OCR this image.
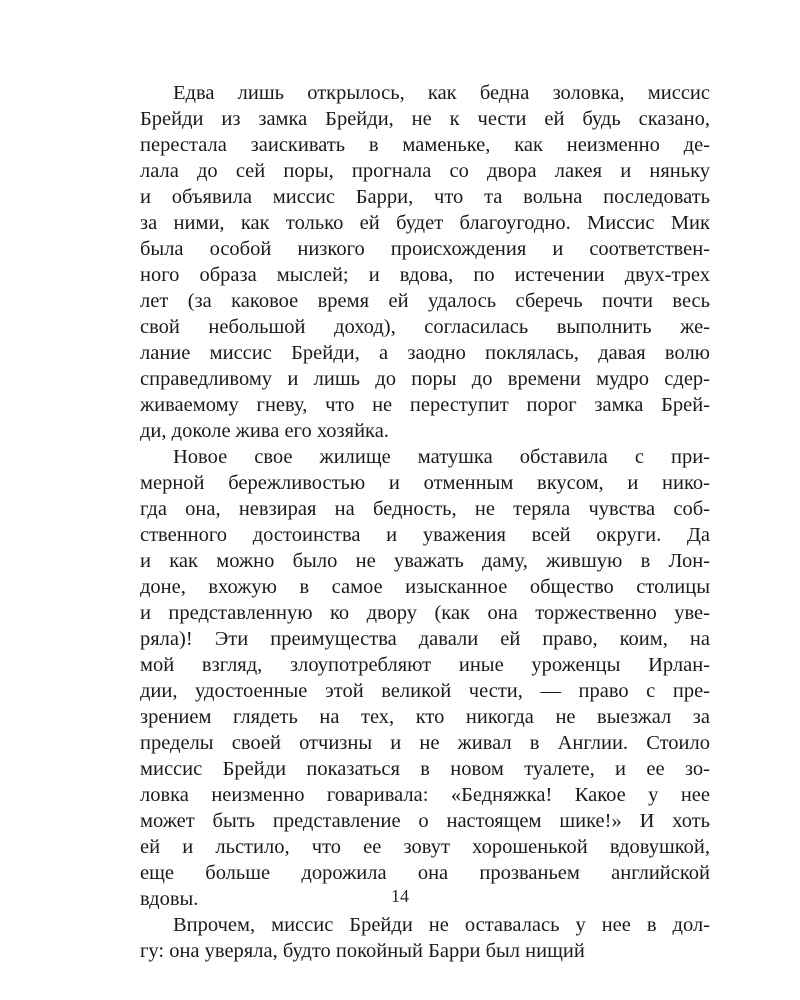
Едва лишь открылось, как бедна золовка, миссис
Брейди из замка Брейди, не к чести ей будь сказано,
перестала заискивать в маменьке, как неизменно де-
лала до сей поры, прогнала со двора лакея и няньку
и объявила миссис Барри, что та вольна последовать
за ними, как только ей будет благоугодно. Миссис Мик
была особой низкого происхождения и соответствен-
ного образа мыслей; и вдова, по истечении двух-трех
лет (за каковое время ей удалось сберечь почти весь
свой небольшой доход), согласилась выполнить же-
лание миссис Брейди, а заодно поклялась, давая волю
справедливому и лишь до поры до времени мудро сдер-
живаемому гневу, что не переступит порог замка Брей-
ди, доколе жива его хозяйка.
Новое свое жилище матушка обставила с при-
мерной бережливостью и отменным вкусом, и нико-
гда она, невзирая на бедность, не теряла чувства соб-
ственного достоинства и уважения всей округи. Да
и как можно было не уважать даму, жившую в Лон-
доне, вхожую в самое изысканное общество столицы
и представленную ко двору (как она торжественно уве-
ряла)! Эти преимущества давали ей право, коим, на
мой взгляд, злоупотребляют иные уроженцы Ирлан-
дии, удостоенные этой великой чести, — право с пре-
зрением глядеть на тех, кто никогда не выезжал за
пределы своей отчизны и не живал в Англии. Стоило
миссис Брейди показаться в новом туалете, и ее зо-
ловка неизменно говаривала: «Бедняжка! Какое у нее
может быть представление о настоящем шике!» И хоть
ей и льстило, что ее зовут хорошенькой вдовушкой,
еще больше дорожила она прозваньем английской
вдовы.
Впрочем, миссис Брейди не оставалась у нее в дол-
гу: она уверяла, будто покойный Барри был нищий
14
